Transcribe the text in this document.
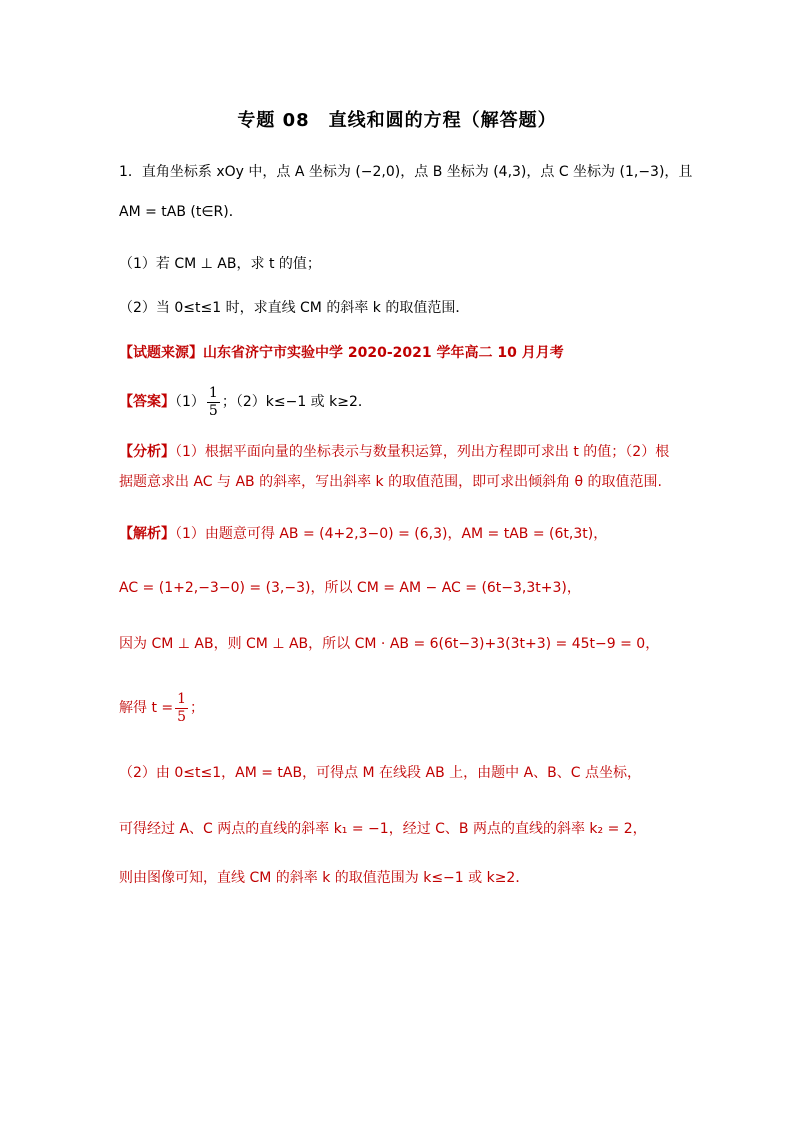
专题 08　直线和圆的方程（解答题）
1．直角坐标系 xOy 中，点 A 坐标为 (−2,0)，点 B 坐标为 (4,3)，点 C 坐标为 (1,−3)，且
AM = tAB (t∈R)．
（1）若 CM ⊥ AB，求 t 的值；
（2）当 0≤t≤1 时，求直线 CM 的斜率 k 的取值范围．
【试题来源】山东省济宁市实验中学 2020-2021 学年高二 10 月月考
【答案】$(1) \frac{1}{5}$ ；（2）k≤−1 或 k≥2．
【分析】（1）根据平面向量的坐标表示与数量积运算，列出方程即可求出 t 的值；（2）根
据题意求出 AC 与 AB 的斜率，写出斜率 k 的取值范围，即可求出倾斜角 θ 的取值范围.
【解析】（1）由题意可得 AB = (4+2,3−0) = (6,3)，AM = tAB = (6t,3t)，
AC = (1+2,−3−0) = (3,−3)，所以 CM = AM − AC = (6t−3,3t+3)，
因为 CM ⊥ AB，则 CM ⊥ AB，所以 CM · AB = 6(6t−3)+3(3t+3) = 45t−9 = 0，
解得 $t = \frac{1}{5}$ ；
（2）由 0≤t≤1，AM = tAB，可得点 M 在线段 AB 上，由题中 A、B、C 点坐标，
可得经过 A、C 两点的直线的斜率 k₁ = −1，经过 C、B 两点的直线的斜率 k₂ = 2，
则由图像可知，直线 CM 的斜率 k 的取值范围为 k≤−1 或 k≥2．
